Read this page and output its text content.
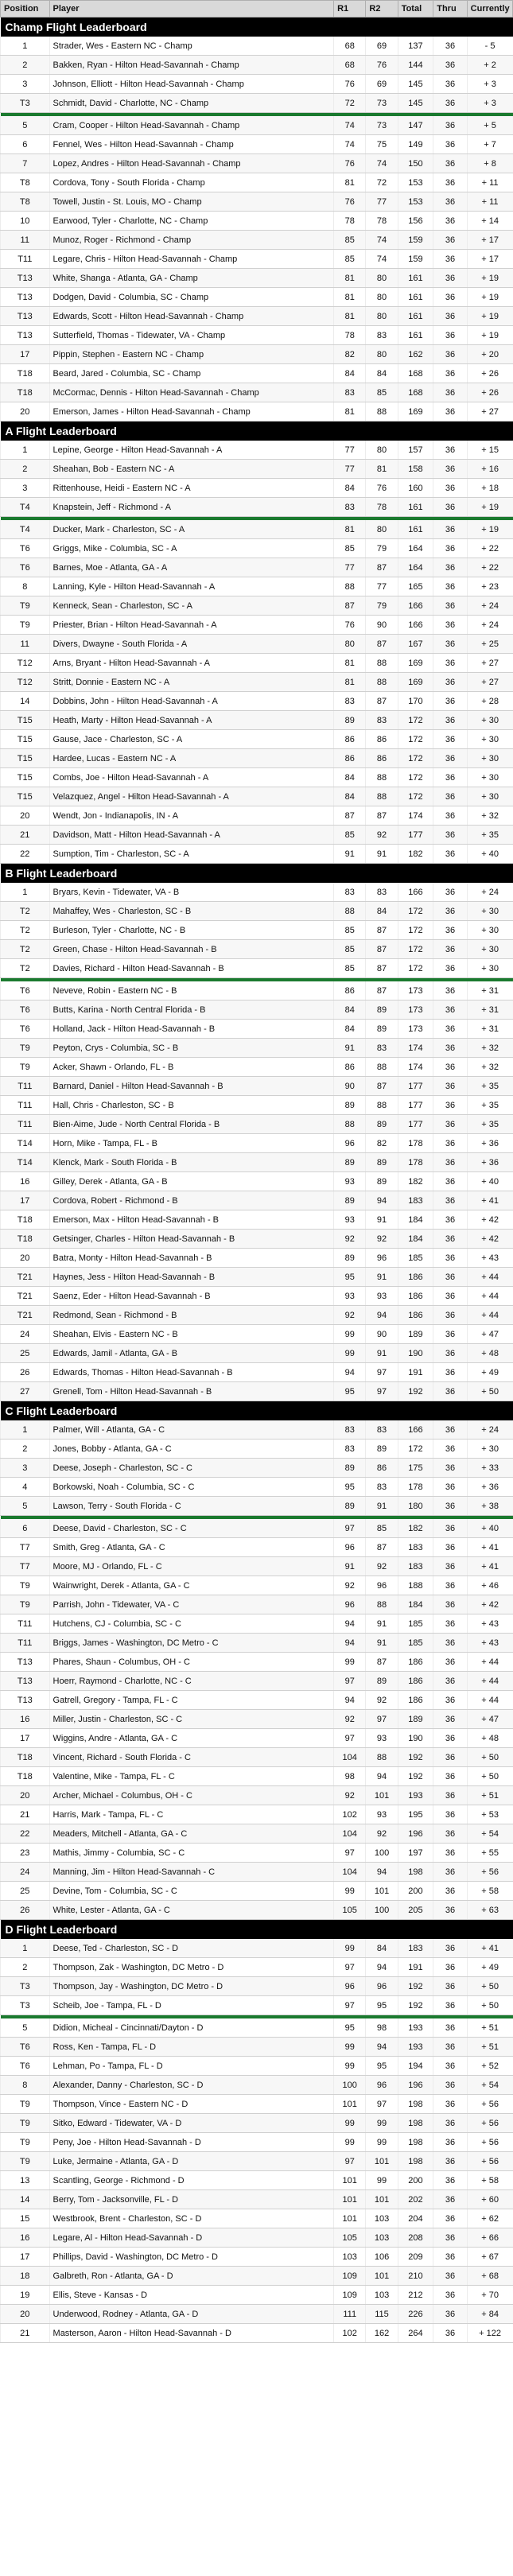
Position	Player	R1	R2	Total	Thru	Currently
Champ Flight Leaderboard						
1	Strader, Wes - Eastern NC - Champ	68	69	137	36	- 5
2	Bakken, Ryan - Hilton Head-Savannah - Champ	68	76	144	36	+ 2
3	Johnson, Elliott - Hilton Head-Savannah - Champ	76	69	145	36	+ 3
T3	Schmidt, David - Charlotte, NC - Champ	72	73	145	36	+ 3

5	Cram, Cooper - Hilton Head-Savannah - Champ	74	73	147	36	+ 5
6	Fennel, Wes - Hilton Head-Savannah - Champ	74	75	149	36	+ 7
7	Lopez, Andres - Hilton Head-Savannah - Champ	76	74	150	36	+ 8
T8	Cordova, Tony - South Florida - Champ	81	72	153	36	+ 11
T8	Towell, Justin - St. Louis, MO - Champ	76	77	153	36	+ 11
10	Earwood, Tyler - Charlotte, NC - Champ	78	78	156	36	+ 14
11	Munoz, Roger - Richmond - Champ	85	74	159	36	+ 17
T11	Legare, Chris - Hilton Head-Savannah - Champ	85	74	159	36	+ 17
T13	White, Shanga - Atlanta, GA - Champ	81	80	161	36	+ 19
T13	Dodgen, David - Columbia, SC - Champ	81	80	161	36	+ 19
T13	Edwards, Scott - Hilton Head-Savannah - Champ	81	80	161	36	+ 19
T13	Sutterfield, Thomas - Tidewater, VA - Champ	78	83	161	36	+ 19
17	Pippin, Stephen - Eastern NC - Champ	82	80	162	36	+ 20
T18	Beard, Jared - Columbia, SC - Champ	84	84	168	36	+ 26
T18	McCormac, Dennis - Hilton Head-Savannah - Champ	83	85	168	36	+ 26
20	Emerson, James - Hilton Head-Savannah - Champ	81	88	169	36	+ 27
A Flight Leaderboard						
1	Lepine, George - Hilton Head-Savannah - A	77	80	157	36	+ 15
2	Sheahan, Bob - Eastern NC - A	77	81	158	36	+ 16
3	Rittenhouse, Heidi - Eastern NC - A	84	76	160	36	+ 18
T4	Knapstein, Jeff - Richmond - A	83	78	161	36	+ 19

T4	Ducker, Mark - Charleston, SC - A	81	80	161	36	+ 19
T6	Griggs, Mike - Columbia, SC - A	85	79	164	36	+ 22
T6	Barnes, Moe - Atlanta, GA - A	77	87	164	36	+ 22
8	Lanning, Kyle - Hilton Head-Savannah - A	88	77	165	36	+ 23
T9	Kenneck, Sean - Charleston, SC - A	87	79	166	36	+ 24
T9	Priester, Brian - Hilton Head-Savannah - A	76	90	166	36	+ 24
11	Divers, Dwayne - South Florida - A	80	87	167	36	+ 25
T12	Arns, Bryant - Hilton Head-Savannah - A	81	88	169	36	+ 27
T12	Stritt, Donnie - Eastern NC - A	81	88	169	36	+ 27
14	Dobbins, John - Hilton Head-Savannah - A	83	87	170	36	+ 28
T15	Heath, Marty - Hilton Head-Savannah - A	89	83	172	36	+ 30
T15	Gause, Jace - Charleston, SC - A	86	86	172	36	+ 30
T15	Hardee, Lucas - Eastern NC - A	86	86	172	36	+ 30
T15	Combs, Joe - Hilton Head-Savannah - A	84	88	172	36	+ 30
T15	Velazquez, Angel - Hilton Head-Savannah - A	84	88	172	36	+ 30
20	Wendt, Jon - Indianapolis, IN - A	87	87	174	36	+ 32
21	Davidson, Matt - Hilton Head-Savannah - A	85	92	177	36	+ 35
22	Sumption, Tim - Charleston, SC - A	91	91	182	36	+ 40
B Flight Leaderboard						
1	Bryars, Kevin - Tidewater, VA - B	83	83	166	36	+ 24
T2	Mahaffey, Wes - Charleston, SC - B	88	84	172	36	+ 30
T2	Burleson, Tyler - Charlotte, NC - B	85	87	172	36	+ 30
T2	Green, Chase - Hilton Head-Savannah - B	85	87	172	36	+ 30
T2	Davies, Richard - Hilton Head-Savannah - B	85	87	172	36	+ 30

T6	Neveve, Robin - Eastern NC - B	86	87	173	36	+ 31
T6	Butts, Karina - North Central Florida - B	84	89	173	36	+ 31
T6	Holland, Jack - Hilton Head-Savannah - B	84	89	173	36	+ 31
T9	Peyton, Crys - Columbia, SC - B	91	83	174	36	+ 32
T9	Acker, Shawn - Orlando, FL - B	86	88	174	36	+ 32
T11	Barnard, Daniel - Hilton Head-Savannah - B	90	87	177	36	+ 35
T11	Hall, Chris - Charleston, SC - B	89	88	177	36	+ 35
T11	Bien-Aime, Jude - North Central Florida - B	88	89	177	36	+ 35
T14	Horn, Mike - Tampa, FL - B	96	82	178	36	+ 36
T14	Klenck, Mark - South Florida - B	89	89	178	36	+ 36
16	Gilley, Derek - Atlanta, GA - B	93	89	182	36	+ 40
17	Cordova, Robert - Richmond - B	89	94	183	36	+ 41
T18	Emerson, Max - Hilton Head-Savannah - B	93	91	184	36	+ 42
T18	Getsinger, Charles - Hilton Head-Savannah - B	92	92	184	36	+ 42
20	Batra, Monty - Hilton Head-Savannah - B	89	96	185	36	+ 43
T21	Haynes, Jess - Hilton Head-Savannah - B	95	91	186	36	+ 44
T21	Saenz, Eder - Hilton Head-Savannah - B	93	93	186	36	+ 44
T21	Redmond, Sean - Richmond - B	92	94	186	36	+ 44
24	Sheahan, Elvis - Eastern NC - B	99	90	189	36	+ 47
25	Edwards, Jamil - Atlanta, GA - B	99	91	190	36	+ 48
26	Edwards, Thomas - Hilton Head-Savannah - B	94	97	191	36	+ 49
27	Grenell, Tom - Hilton Head-Savannah - B	95	97	192	36	+ 50
C Flight Leaderboard						
1	Palmer, Will - Atlanta, GA - C	83	83	166	36	+ 24
2	Jones, Bobby - Atlanta, GA - C	83	89	172	36	+ 30
3	Deese, Joseph - Charleston, SC - C	89	86	175	36	+ 33
4	Borkowski, Noah - Columbia, SC - C	95	83	178	36	+ 36
5	Lawson, Terry - South Florida - C	89	91	180	36	+ 38

6	Deese, David - Charleston, SC - C	97	85	182	36	+ 40
T7	Smith, Greg - Atlanta, GA - C	96	87	183	36	+ 41
T7	Moore, MJ - Orlando, FL - C	91	92	183	36	+ 41
T9	Wainwright, Derek - Atlanta, GA - C	92	96	188	36	+ 46
T9	Parrish, John - Tidewater, VA - C	96	88	184	36	+ 42
T11	Hutchens, CJ - Columbia, SC - C	94	91	185	36	+ 43
T11	Briggs, James - Washington, DC Metro - C	94	91	185	36	+ 43
T13	Phares, Shaun - Columbus, OH - C	99	87	186	36	+ 44
T13	Hoerr, Raymond - Charlotte, NC - C	97	89	186	36	+ 44
T13	Gatrell, Gregory - Tampa, FL - C	94	92	186	36	+ 44
16	Miller, Justin - Charleston, SC - C	92	97	189	36	+ 47
17	Wiggins, Andre - Atlanta, GA - C	97	93	190	36	+ 48
T18	Vincent, Richard - South Florida - C	104	88	192	36	+ 50
T18	Valentine, Mike - Tampa, FL - C	98	94	192	36	+ 50
20	Archer, Michael - Columbus, OH - C	92	101	193	36	+ 51
21	Harris, Mark - Tampa, FL - C	102	93	195	36	+ 53
22	Meaders, Mitchell - Atlanta, GA - C	104	92	196	36	+ 54
23	Mathis, Jimmy - Columbia, SC - C	97	100	197	36	+ 55
24	Manning, Jim - Hilton Head-Savannah - C	104	94	198	36	+ 56
25	Devine, Tom - Columbia, SC - C	99	101	200	36	+ 58
26	White, Lester - Atlanta, GA - C	105	100	205	36	+ 63
D Flight Leaderboard						
1	Deese, Ted - Charleston, SC - D	99	84	183	36	+ 41
2	Thompson, Zak - Washington, DC Metro - D	97	94	191	36	+ 49
T3	Thompson, Jay - Washington, DC Metro - D	96	96	192	36	+ 50
T3	Scheib, Joe - Tampa, FL - D	97	95	192	36	+ 50

5	Didion, Micheal - Cincinnati/Dayton - D	95	98	193	36	+ 51
T6	Ross, Ken - Tampa, FL - D	99	94	193	36	+ 51
T6	Lehman, Po - Tampa, FL - D	99	95	194	36	+ 52
8	Alexander, Danny - Charleston, SC - D	100	96	196	36	+ 54
T9	Thompson, Vince - Eastern NC - D	101	97	198	36	+ 56
T9	Sitko, Edward - Tidewater, VA - D	99	99	198	36	+ 56
T9	Peny, Joe - Hilton Head-Savannah - D	99	99	198	36	+ 56
T9	Luke, Jermaine - Atlanta, GA - D	97	101	198	36	+ 56
13	Scantling, George - Richmond - D	101	99	200	36	+ 58
14	Berry, Tom - Jacksonville, FL - D	101	101	202	36	+ 60
15	Westbrook, Brent - Charleston, SC - D	101	103	204	36	+ 62
16	Legare, Al - Hilton Head-Savannah - D	105	103	208	36	+ 66
17	Phillips, David - Washington, DC Metro - D	103	106	209	36	+ 67
18	Galbreth, Ron - Atlanta, GA - D	109	101	210	36	+ 68
19	Ellis, Steve - Kansas - D	109	103	212	36	+ 70
20	Underwood, Rodney - Atlanta, GA - D	111	115	226	36	+ 84
21	Masterson, Aaron - Hilton Head-Savannah - D	102	162	264	36	+ 122
